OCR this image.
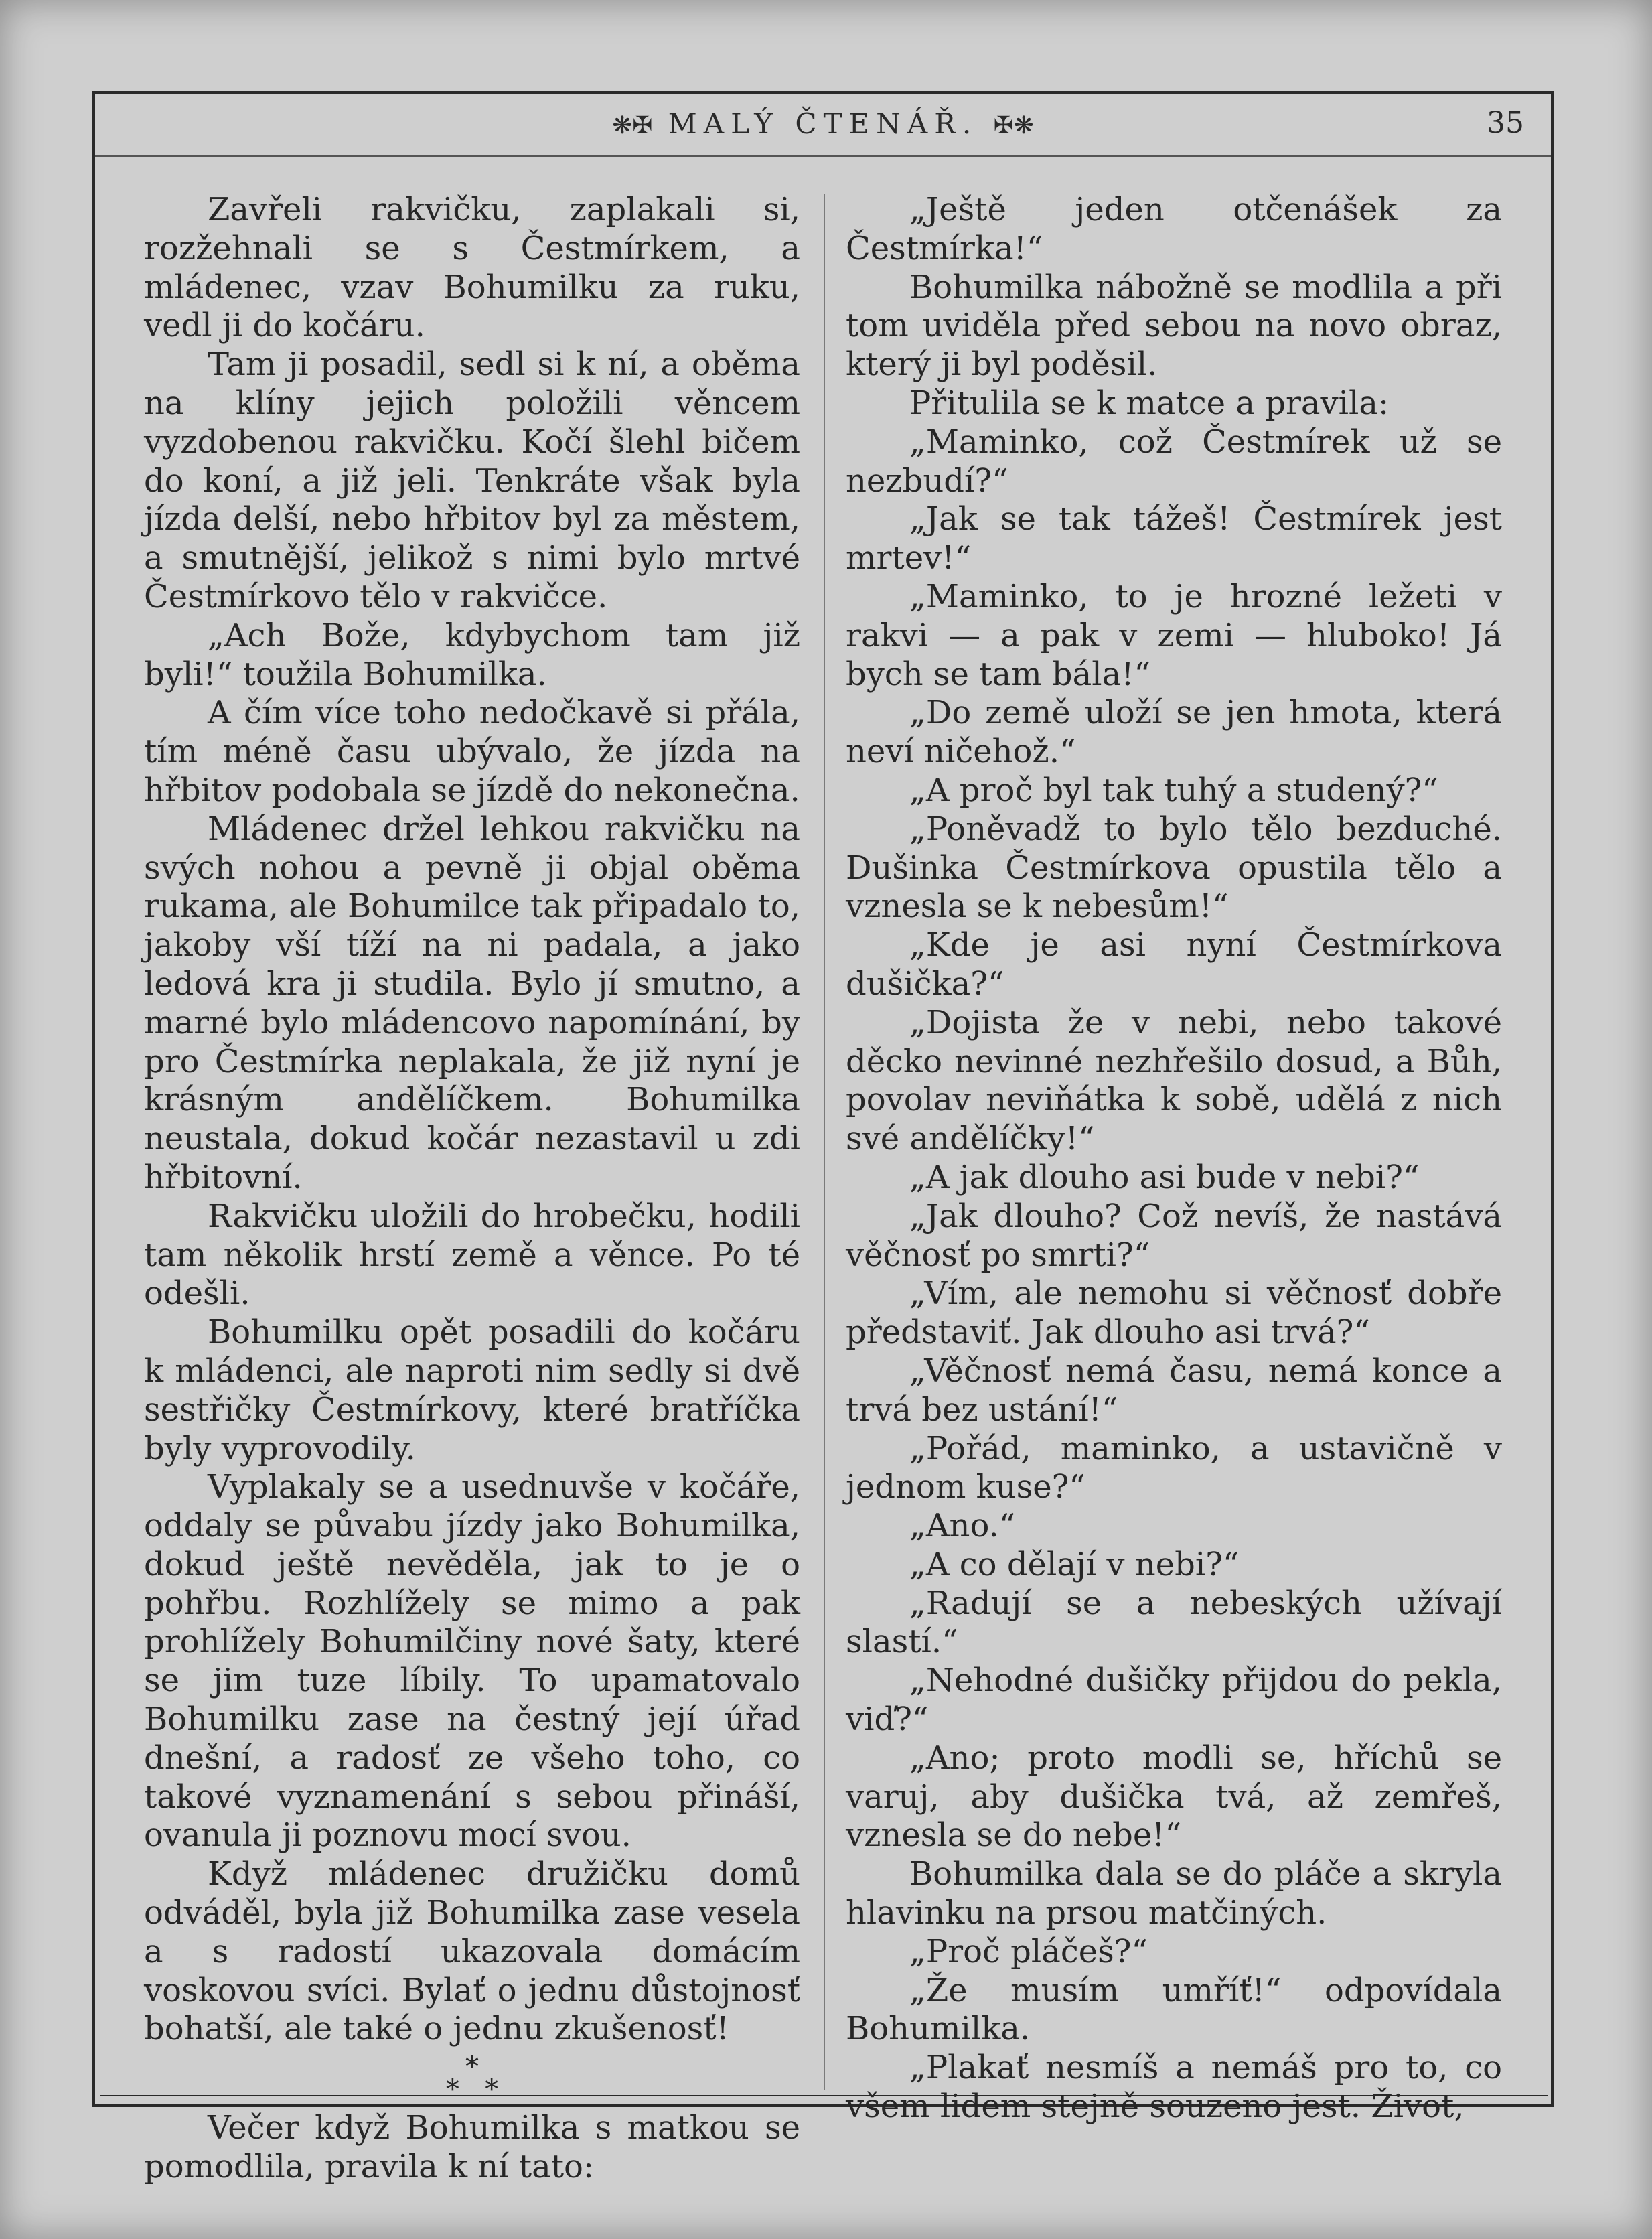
❋✠ MALÝ ČTENÁŘ. ✠❋	35

Zavřeli rakvičku, zaplakali si, rozžehnali se s Čestmírkem, a mládenec, vzav Bohumilku za ruku, vedl ji do kočáru.

Tam ji posadil, sedl si k ní, a oběma na klíny jejich položili věncem vyzdobenou rakvičku. Kočí šlehl bičem do koní, a již jeli. Tenkráte však byla jízda delší, nebo hřbitov byl za městem, a smutnější, jelikož s nimi bylo mrtvé Čestmírkovo tělo v rakvičce.

„Ach Bože, kdybychom tam již byli!“ toužila Bohumilka.

A čím více toho nedočkavě si přála, tím méně času ubývalo, že jízda na hřbitov podobala se jízdě do nekonečna.

Mládenec držel lehkou rakvičku na svých nohou a pevně ji objal oběma rukama, ale Bohumilce tak připadalo to, jakoby vší tíží na ni padala, a jako ledová kra ji studila. Bylo jí smutno, a marné bylo mládencovo napomínání, by pro Čestmírka neplakala, že již nyní je krásným andělíčkem. Bohumilka neustala, dokud kočár nezastavil u zdi hřbitovní.

Rakvičku uložili do hrobečku, hodili tam několik hrstí země a věnce. Po té odešli.

Bohumilku opět posadili do kočáru k mládenci, ale naproti nim sedly si dvě sestřičky Čestmírkovy, které bratříčka byly vyprovodily.

Vyplakaly se a usednuvše v kočáře, oddaly se půvabu jízdy jako Bohumilka, dokud ještě nevěděla, jak to je o pohřbu. Rozhlížely se mimo a pak prohlížely Bohumilčiny nové šaty, které se jim tuze líbily. To upamatovalo Bohumilku zase na čestný její úřad dnešní, a radosť ze všeho toho, co takové vyznamenání s sebou přináší, ovanula ji poznovu mocí svou.

Když mládenec družičku domů odváděl, byla již Bohumilka zase vesela a s radostí ukazovala domácím voskovou svíci. Bylať o jednu důstojnosť bohatší, ale také o jednu zkušenosť!

*
*   *

Večer když Bohumilka s matkou se pomodlila, pravila k ní tato:

„Ještě jeden otčenášek za Čestmírka!“

Bohumilka nábožně se modlila a při tom uviděla před sebou na novo obraz, který ji byl poděsil.

Přitulila se k matce a pravila:

„Maminko, což Čestmírek už se nezbudí?“

„Jak se tak tážeš! Čestmírek jest mrtev!“

„Maminko, to je hrozné ležeti v rakvi — a pak v zemi — hluboko! Já bych se tam bála!“

„Do země uloží se jen hmota, která neví ničehož.“

„A proč byl tak tuhý a studený?“

„Poněvadž to bylo tělo bezduché. Dušinka Čestmírkova opustila tělo a vznesla se k nebesům!“

„Kde je asi nyní Čestmírkova dušička?“

„Dojista že v nebi, nebo takové děcko nevinné nezhřešilo dosud, a Bůh, povolav neviňátka k sobě, udělá z nich své andělíčky!“

„A jak dlouho asi bude v nebi?“

„Jak dlouho? Což nevíš, že nastává věčnosť po smrti?“

„Vím, ale nemohu si věčnosť dobře představiť. Jak dlouho asi trvá?“

„Věčnosť nemá času, nemá konce a trvá bez ustání!“

„Pořád, maminko, a ustavičně v jednom kuse?“

„Ano.“

„A co dělají v nebi?“

„Radují se a nebeských užívají slastí.“

„Nehodné dušičky přijdou do pekla, viď?“

„Ano; proto modli se, hříchů se varuj, aby dušička tvá, až zemřeš, vznesla se do nebe!“

Bohumilka dala se do pláče a skryla hlavinku na prsou matčiných.

„Proč pláčeš?“

„Že musím umříť!“ odpovídala Bohumilka.

„Plakať nesmíš a nemáš pro to, co všem lidem stejně souzeno jest. Život,
